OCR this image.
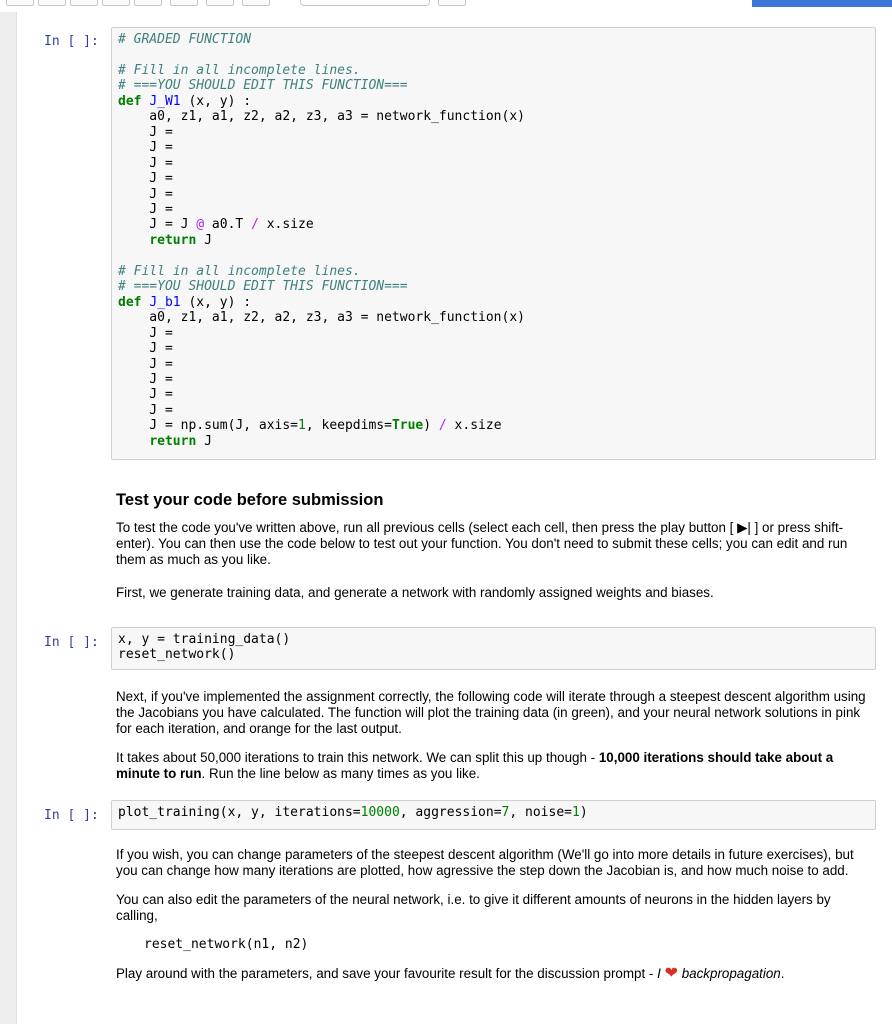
In [ ]:	# GRADED FUNCTION

# Fill in all incomplete lines.
# ===YOU SHOULD EDIT THIS FUNCTION===
def J_W1 (x, y) :
a0, z1, a1, z2, a2, z3, a3 = network_function(x)
J =
J =
J =
J =
J =
J =
J = J @ a0.T / x.size
return J

# Fill in all incomplete lines.
# ===YOU SHOULD EDIT THIS FUNCTION===
def J_b1 (x, y) :
a0, z1, a1, z2, a2, z3, a3 = network_function(x)
J =
J =
J =
J =
J =
J =
J = np.sum(J, axis=1, keepdims=True) / x.size
return J
Test your code before submission

To test the code you've written above, run all previous cells (select each cell, then press the play button [ ▶| ] or press shift-enter). You can then use the code below to test out your function. You don't need to submit these cells; you can edit and run them as much as you like.

First, we generate training data, and generate a network with randomly assigned weights and biases.

In [ ]:	x, y = training_data()
reset_network()

Next, if you've implemented the assignment correctly, the following code will iterate through a steepest descent algorithm using the Jacobians you have calculated. The function will plot the training data (in green), and your neural network solutions in pink for each iteration, and orange for the last output.

It takes about 50,000 iterations to train this network. We can split this up though - 10,000 iterations should take about a minute to run. Run the line below as many times as you like.

In [ ]:	plot_training(x, y, iterations=10000, aggression=7, noise=1)

If you wish, you can change parameters of the steepest descent algorithm (We'll go into more details in future exercises), but you can change how many iterations are plotted, how agressive the step down the Jacobian is, and how much noise to add.

You can also edit the parameters of the neural network, i.e. to give it different amounts of neurons in the hidden layers by calling,

reset_network(n1, n2)

Play around with the parameters, and save your favourite result for the discussion prompt - I ❤ backpropagation.
